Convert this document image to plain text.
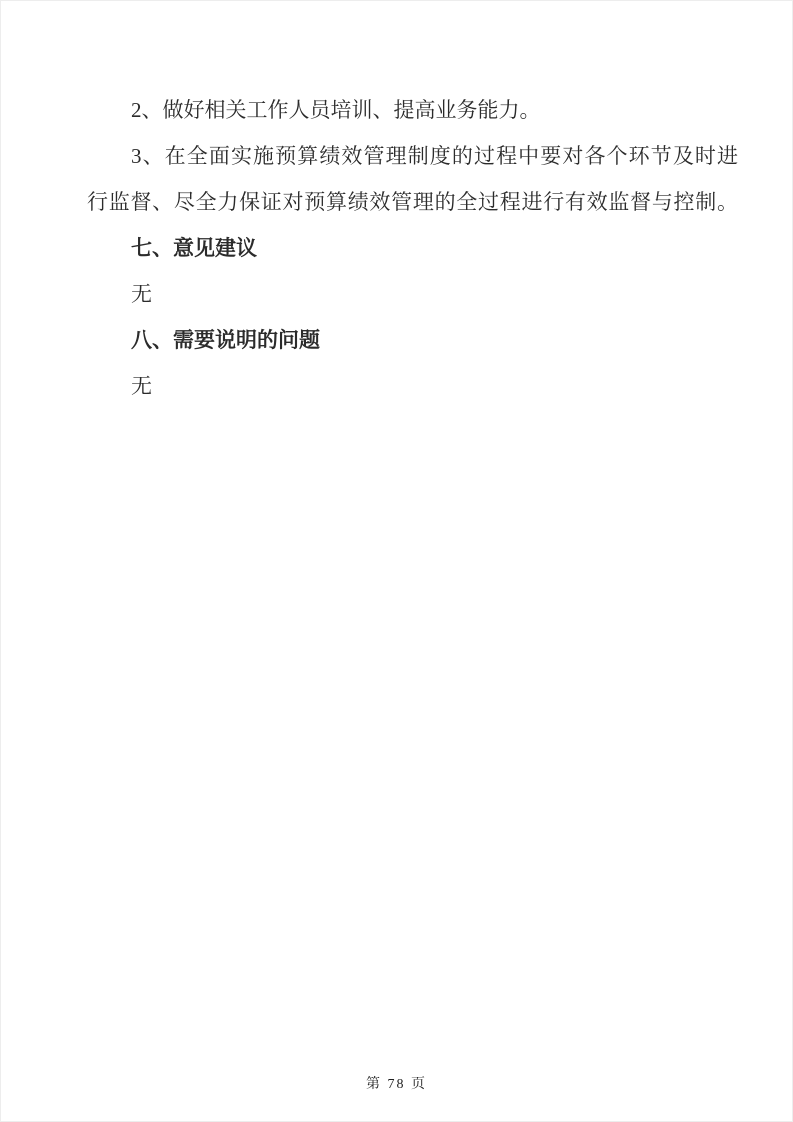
2、做好相关工作人员培训、提高业务能力。

3、在全面实施预算绩效管理制度的过程中要对各个环节及时进

行监督、尽全力保证对预算绩效管理的全过程进行有效监督与控制。

七、意见建议

无

八、需要说明的问题

无

第 78 页
